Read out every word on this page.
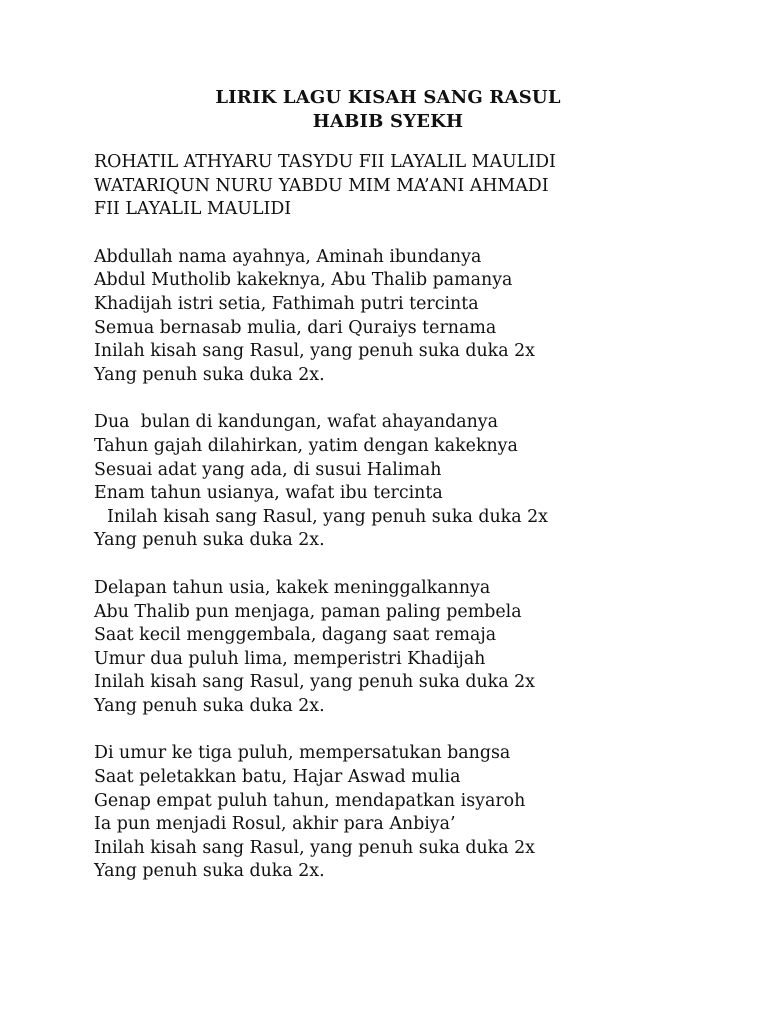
LIRIK LAGU KISAH SANG RASUL
HABIB SYEKH
ROHATIL ATHYARU TASYDU FII LAYALIL MAULIDI
WATARIQUN NURU YABDU MIM MA’ANI AHMADI
FII LAYALIL MAULIDI
Abdullah nama ayahnya, Aminah ibundanya
Abdul Mutholib kakeknya, Abu Thalib pamanya
Khadijah istri setia, Fathimah putri tercinta
Semua bernasab mulia, dari Quraiys ternama
Inilah kisah sang Rasul, yang penuh suka duka 2x
Yang penuh suka duka 2x.
Dua  bulan di kandungan, wafat ahayandanya
Tahun gajah dilahirkan, yatim dengan kakeknya
Sesuai adat yang ada, di susui Halimah
Enam tahun usianya, wafat ibu tercinta
Inilah kisah sang Rasul, yang penuh suka duka 2x
Yang penuh suka duka 2x.
Delapan tahun usia, kakek meninggalkannya
Abu Thalib pun menjaga, paman paling pembela
Saat kecil menggembala, dagang saat remaja
Umur dua puluh lima, memperistri Khadijah
Inilah kisah sang Rasul, yang penuh suka duka 2x
Yang penuh suka duka 2x.
Di umur ke tiga puluh, mempersatukan bangsa
Saat peletakkan batu, Hajar Aswad mulia
Genap empat puluh tahun, mendapatkan isyaroh
Ia pun menjadi Rosul, akhir para Anbiya’
Inilah kisah sang Rasul, yang penuh suka duka 2x
Yang penuh suka duka 2x.
